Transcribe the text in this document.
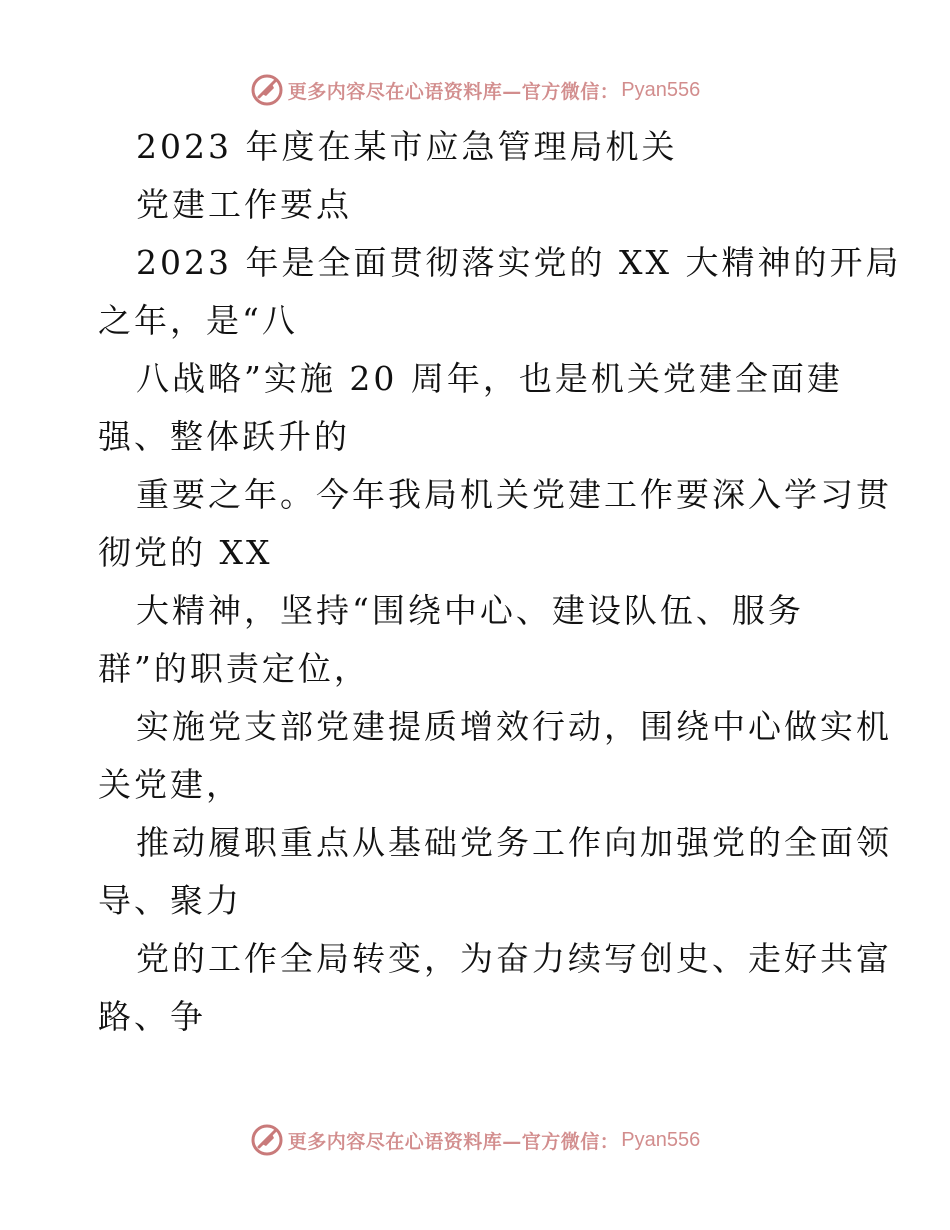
更多内容尽在心语资料库—官方微信： Pyan556
2023 年度在某市应急管理局机关
党建工作要点
2023 年是全面贯彻落实党的 XX 大精神的开局
之年，是“八
八战略”实施 20 周年，也是机关党建全面建
强、整体跃升的
重要之年。今年我局机关党建工作要深入学习贯
彻党的 XX
大精神，坚持“围绕中心、建设队伍、服务
群”的职责定位，
实施党支部党建提质增效行动，围绕中心做实机
关党建，
推动履职重点从基础党务工作向加强党的全面领
导、聚力
党的工作全局转变，为奋力续写创史、走好共富
路、争
更多内容尽在心语资料库—官方微信： Pyan556
